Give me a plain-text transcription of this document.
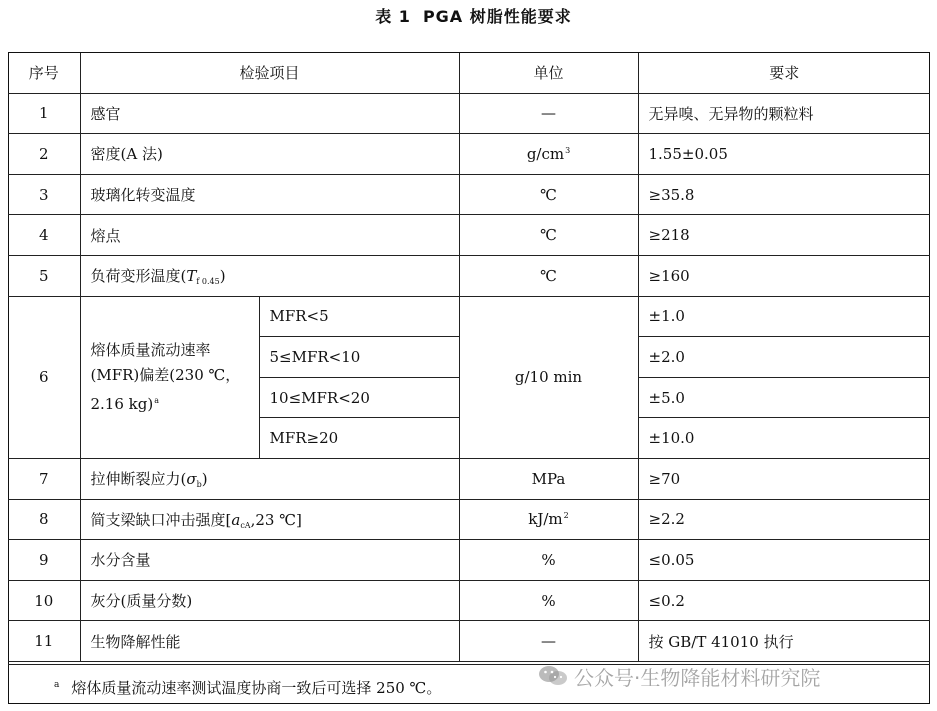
表 1 PGA 树脂性能要求
序号	检验项目		单位	要求
1	感官		—	无异嗅、无异物的颗粒料
2	密度(A 法)		$g/cm^3$	1.55±0.05
3	玻璃化转变温度		℃	≥35.8
4	熔点		℃	≥218
5	负荷变形温度$(T_{f 0.45})$		℃	≥160
6	熔体质量流动速率(MFR)偏差(230 ℃，2.16 kg)$^a$	MFR<5	g/10 min	±1.0
		5≤MFR<10		±2.0
		10≤MFR<20		±5.0
		MFR≥20		±10.0
7	拉伸断裂应力$(\sigma_b)$		MPa	≥70
8	简支梁缺口冲击强度[$a_{cA},23$ ℃]		$kJ/m^2$	≥2.2
9	水分含量		%	≤0.05
10	灰分(质量分数)		%	≤0.2
11	生物降解性能		—	按 GB/T 41010 执行
$^a$ 熔体质量流动速率测试温度协商一致后可选择 250 ℃。	公众号·生物降能材料研究院
